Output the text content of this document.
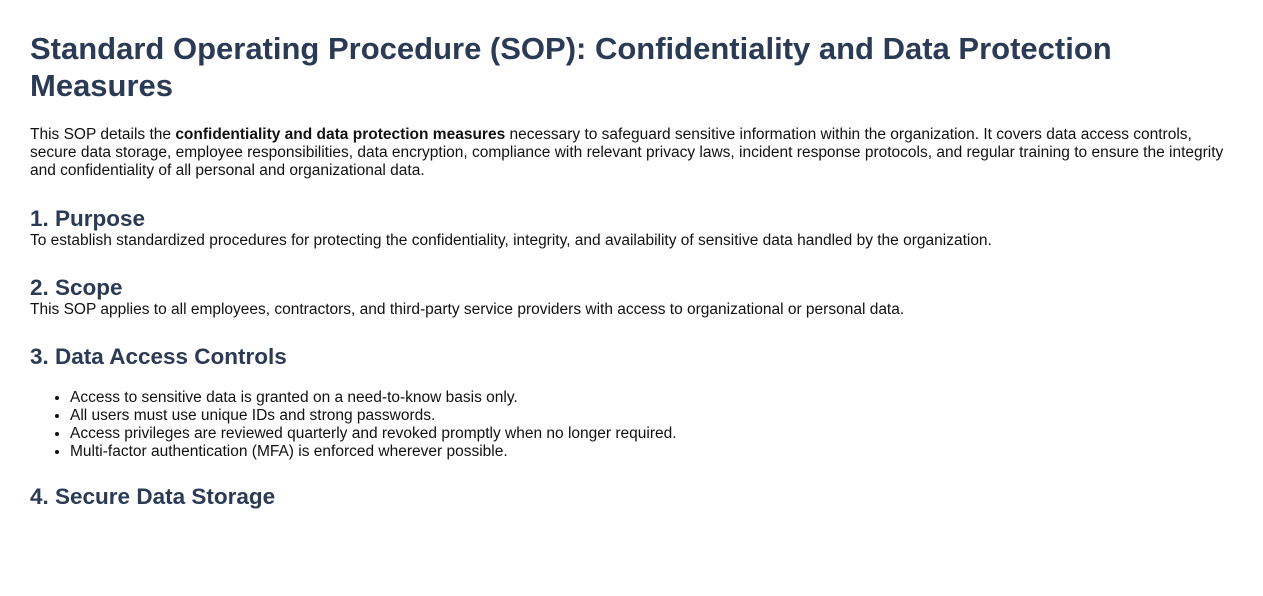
Standard Operating Procedure (SOP): Confidentiality and Data Protection Measures

This SOP details the confidentiality and data protection measures necessary to safeguard sensitive information within the organization. It covers data access controls, secure data storage, employee responsibilities, data encryption, compliance with relevant privacy laws, incident response protocols, and regular training to ensure the integrity and confidentiality of all personal and organizational data.

1. Purpose

To establish standardized procedures for protecting the confidentiality, integrity, and availability of sensitive data handled by the organization.

2. Scope

This SOP applies to all employees, contractors, and third-party service providers with access to organizational or personal data.

3. Data Access Controls
• Access to sensitive data is granted on a need-to-know basis only.
• All users must use unique IDs and strong passwords.
• Access privileges are reviewed quarterly and revoked promptly when no longer required.
• Multi-factor authentication (MFA) is enforced wherever possible.
4. Secure Data Storage
